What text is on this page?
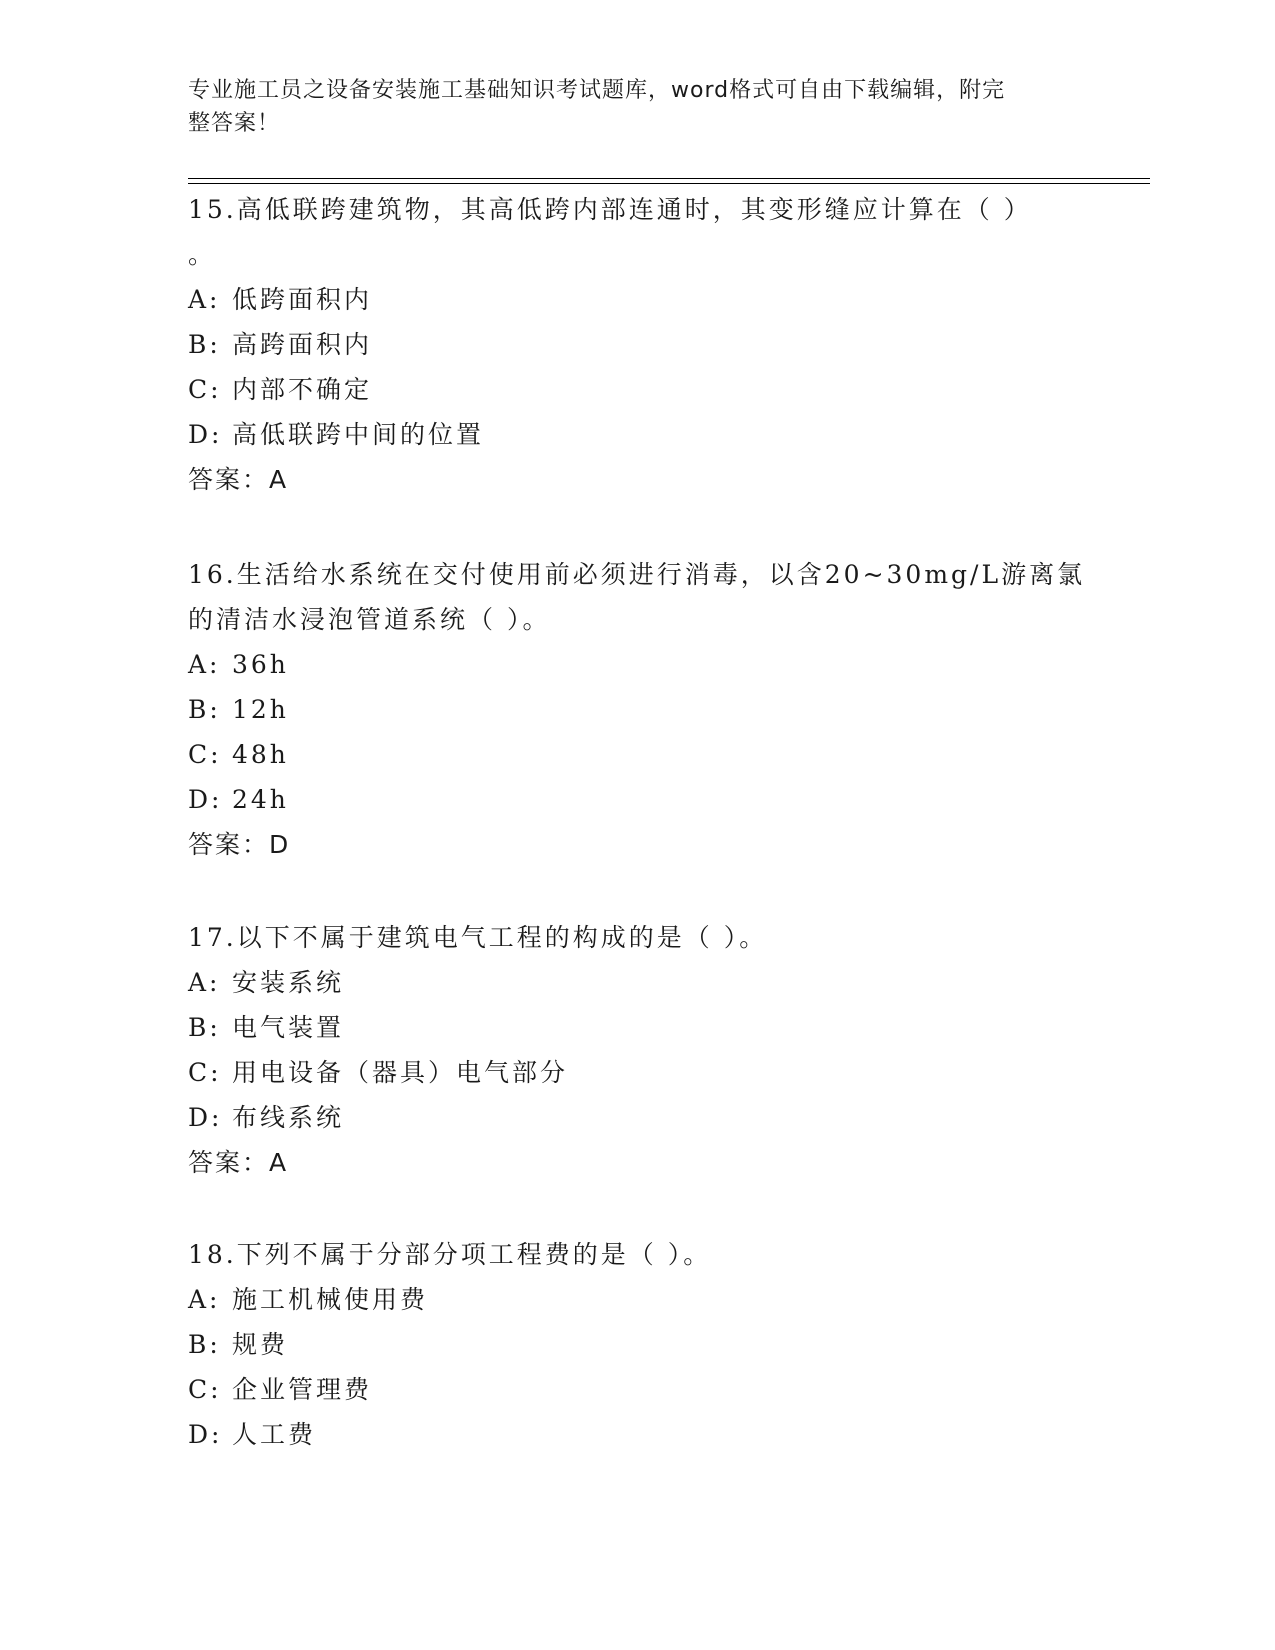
专业施工员之设备安装施工基础知识考试题库，word格式可自由下载编辑，附完
整答案！

15.高低联跨建筑物，其高低跨内部连通时，其变形缝应计算在（ ）

。

A: 低跨面积内

B: 高跨面积内

C: 内部不确定

D: 高低联跨中间的位置

答案：A

16.生活给水系统在交付使用前必须进行消毒，以含20~30mg/L游离氯

的清洁水浸泡管道系统（ ）。

A: 36h

B: 12h

C: 48h

D: 24h

答案：D

17.以下不属于建筑电气工程的构成的是（ ）。

A: 安装系统

B: 电气装置

C: 用电设备（器具）电气部分

D: 布线系统

答案：A

18.下列不属于分部分项工程费的是（ ）。

A: 施工机械使用费

B: 规费

C: 企业管理费

D: 人工费
